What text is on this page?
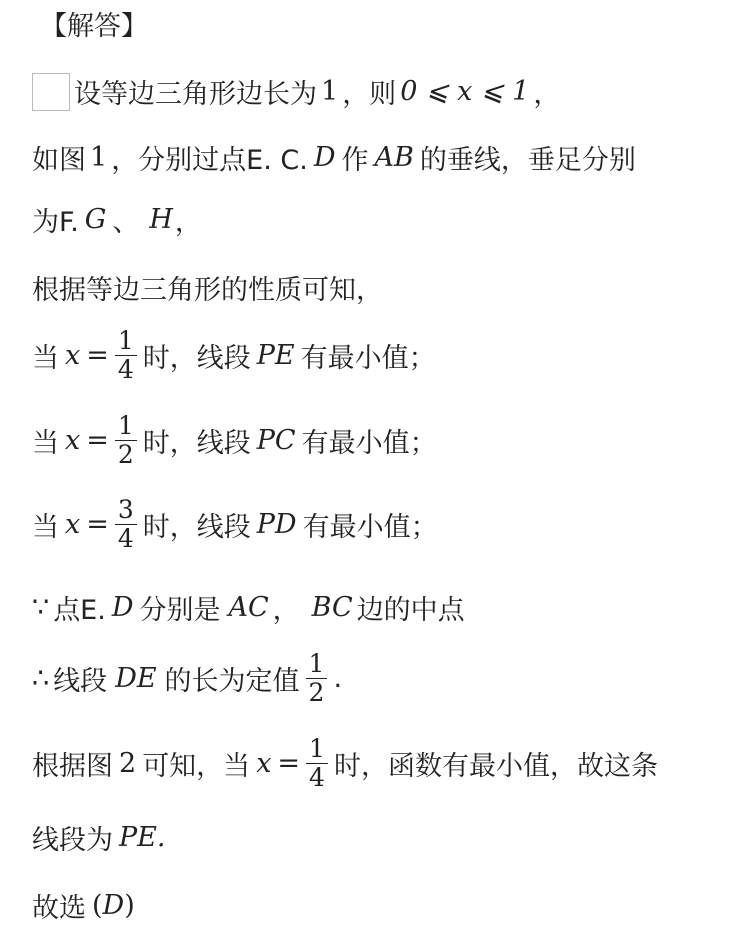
【解答】
设等边三角形边长为 1 ，则 0 ⩽ x ⩽ 1 ，
如图 1 ，分别过点E. C. D 作 AB 的垂线，垂足分别
为F. G 、 H ，
根据等边三角形的性质可知，
当 $x = \frac{1}{4}$ 时，线段 PE 有最小值；
当 $x = \frac{1}{2}$ 时，线段 PC 有最小值；
当 $x = \frac{3}{4}$ 时，线段 PD 有最小值；
∵ 点E. D 分别是 AC ， BC 边的中点
∴ 线段 DE 的长为定值 $\frac{1}{2}$ .
根据图 2 可知，当 $x = \frac{1}{4}$ 时，函数有最小值，故这条
线段为 PE.
故选 ( D )
